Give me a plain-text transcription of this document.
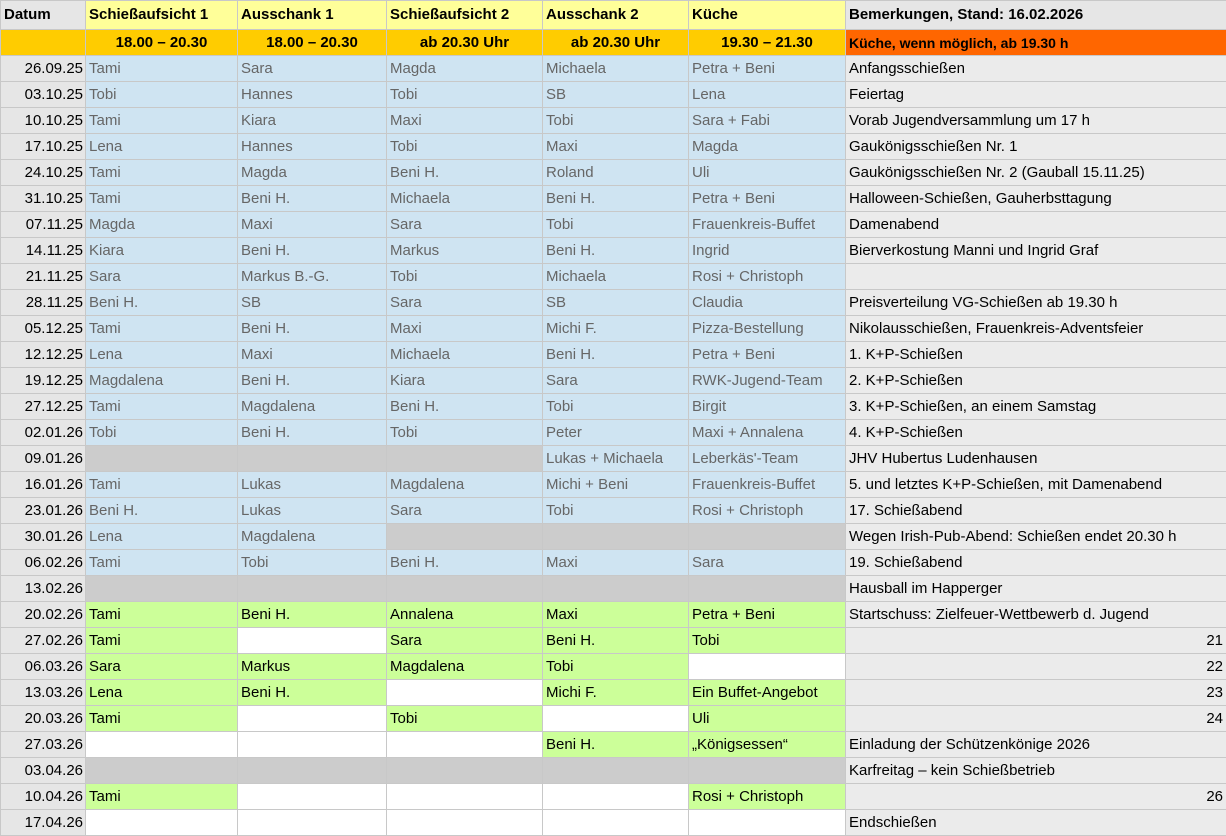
Datum	Schießaufsicht 1	Ausschank 1	Schießaufsicht 2	Ausschank 2	Küche	Bemerkungen, Stand: 16.02.2026
	18.00 – 20.30	18.00 – 20.30	ab 20.30 Uhr	ab 20.30 Uhr	19.30 – 21.30	Küche, wenn möglich, ab 19.30 h
26.09.25	Tami	Sara	Magda	Michaela	Petra + Beni	Anfangsschießen
03.10.25	Tobi	Hannes	Tobi	SB	Lena	Feiertag
10.10.25	Tami	Kiara	Maxi	Tobi	Sara + Fabi	Vorab Jugendversammlung um 17 h
17.10.25	Lena	Hannes	Tobi	Maxi	Magda	Gaukönigsschießen Nr. 1
24.10.25	Tami	Magda	Beni H.	Roland	Uli	Gaukönigsschießen Nr. 2 (Gauball 15.11.25)
31.10.25	Tami	Beni H.	Michaela	Beni H.	Petra + Beni	Halloween-Schießen, Gauherbsttagung
07.11.25	Magda	Maxi	Sara	Tobi	Frauenkreis-Buffet	Damenabend
14.11.25	Kiara	Beni H.	Markus	Beni H.	Ingrid	Bierverkostung Manni und Ingrid Graf
21.11.25	Sara	Markus B.-G.	Tobi	Michaela	Rosi + Christoph	
28.11.25	Beni H.	SB	Sara	SB	Claudia	Preisverteilung VG-Schießen ab 19.30 h
05.12.25	Tami	Beni H.	Maxi	Michi F.	Pizza-Bestellung	Nikolausschießen, Frauenkreis-Adventsfeier
12.12.25	Lena	Maxi	Michaela	Beni H.	Petra + Beni	1. K+P-Schießen
19.12.25	Magdalena	Beni H.	Kiara	Sara	RWK-Jugend-Team	2. K+P-Schießen
27.12.25	Tami	Magdalena	Beni H.	Tobi	Birgit	3. K+P-Schießen, an einem Samstag
02.01.26	Tobi	Beni H.	Tobi	Peter	Maxi + Annalena	4. K+P-Schießen
09.01.26				Lukas + Michaela	Leberkäs'-Team	JHV Hubertus Ludenhausen
16.01.26	Tami	Lukas	Magdalena	Michi + Beni	Frauenkreis-Buffet	5. und letztes K+P-Schießen, mit Damenabend
23.01.26	Beni H.	Lukas	Sara	Tobi	Rosi + Christoph	17. Schießabend
30.01.26	Lena	Magdalena				Wegen Irish-Pub-Abend: Schießen endet 20.30 h
06.02.26	Tami	Tobi	Beni H.	Maxi	Sara	19. Schießabend
13.02.26						Hausball im Happerger
20.02.26	Tami	Beni H.	Annalena	Maxi	Petra + Beni	Startschuss: Zielfeuer-Wettbewerb d. Jugend
27.02.26	Tami		Sara	Beni H.	Tobi	21
06.03.26	Sara	Markus	Magdalena	Tobi		22
13.03.26	Lena	Beni H.		Michi F.	Ein Buffet-Angebot	23
20.03.26	Tami		Tobi		Uli	24
27.03.26				Beni H.	„Königsessen“	Einladung der Schützenkönige 2026
03.04.26						Karfreitag – kein Schießbetrieb
10.04.26	Tami				Rosi + Christoph	26
17.04.26						Endschießen
